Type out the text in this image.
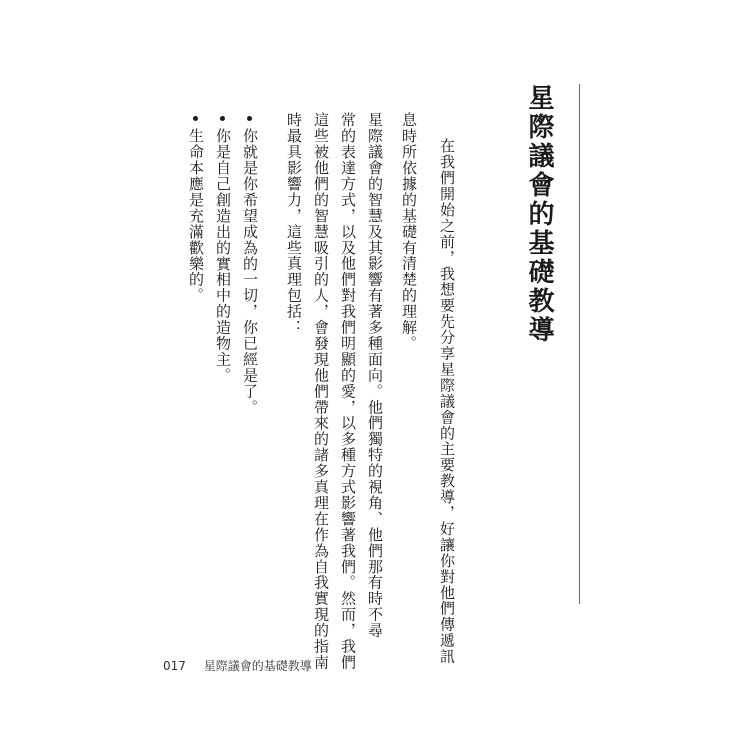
星際議會的基礎教導

在我們開始之前，我想要先分享星際議會的主要教導，好讓你對他們傳遞訊

息時所依據的基礎有清楚的理解。

星際議會的智慧及其影響有著多種面向。他們獨特的視角、他們那有時不尋

常的表達方式，以及他們對我們明顯的愛，以多種方式影響著我們。然而，我們

這些被他們的智慧吸引的人，會發現他們帶來的諸多真理在作為自我實現的指南

時最具影響力，這些真理包括：

你就是你希望成為的一切，你已經是了。

你是自己創造出的實相中的造物主。

生命本應是充滿歡樂的。

017 星際議會的基礎教導
